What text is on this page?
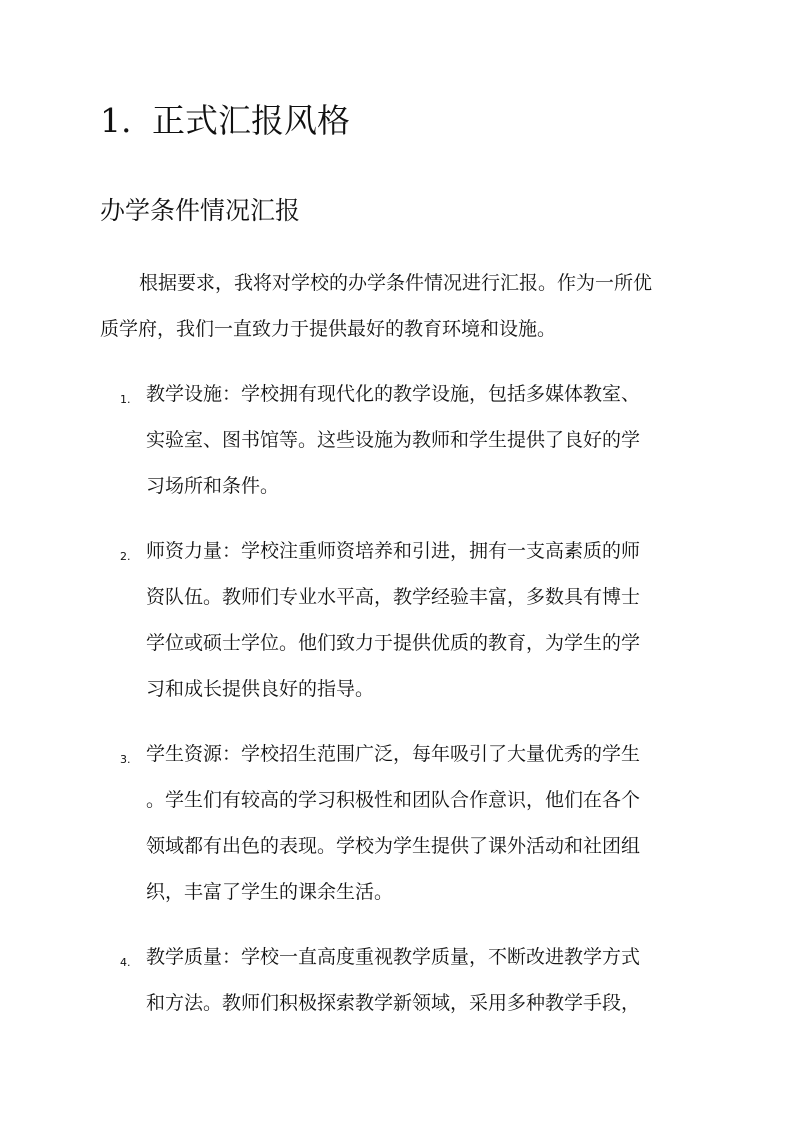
1. 正式汇报风格
办学条件情况汇报

根据要求，我将对学校的办学条件情况进行汇报。作为一所优

质学府，我们一直致力于提供最好的教育环境和设施。

1. 教学设施：学校拥有现代化的教学设施，包括多媒体教室、

实验室、图书馆等。这些设施为教师和学生提供了良好的学

习场所和条件。

2. 师资力量：学校注重师资培养和引进，拥有一支高素质的师

资队伍。教师们专业水平高，教学经验丰富，多数具有博士

学位或硕士学位。他们致力于提供优质的教育，为学生的学

习和成长提供良好的指导。

3. 学生资源：学校招生范围广泛，每年吸引了大量优秀的学生

。学生们有较高的学习积极性和团队合作意识，他们在各个

领域都有出色的表现。学校为学生提供了课外活动和社团组

织，丰富了学生的课余生活。

4. 教学质量：学校一直高度重视教学质量，不断改进教学方式

和方法。教师们积极探索教学新领域，采用多种教学手段，
